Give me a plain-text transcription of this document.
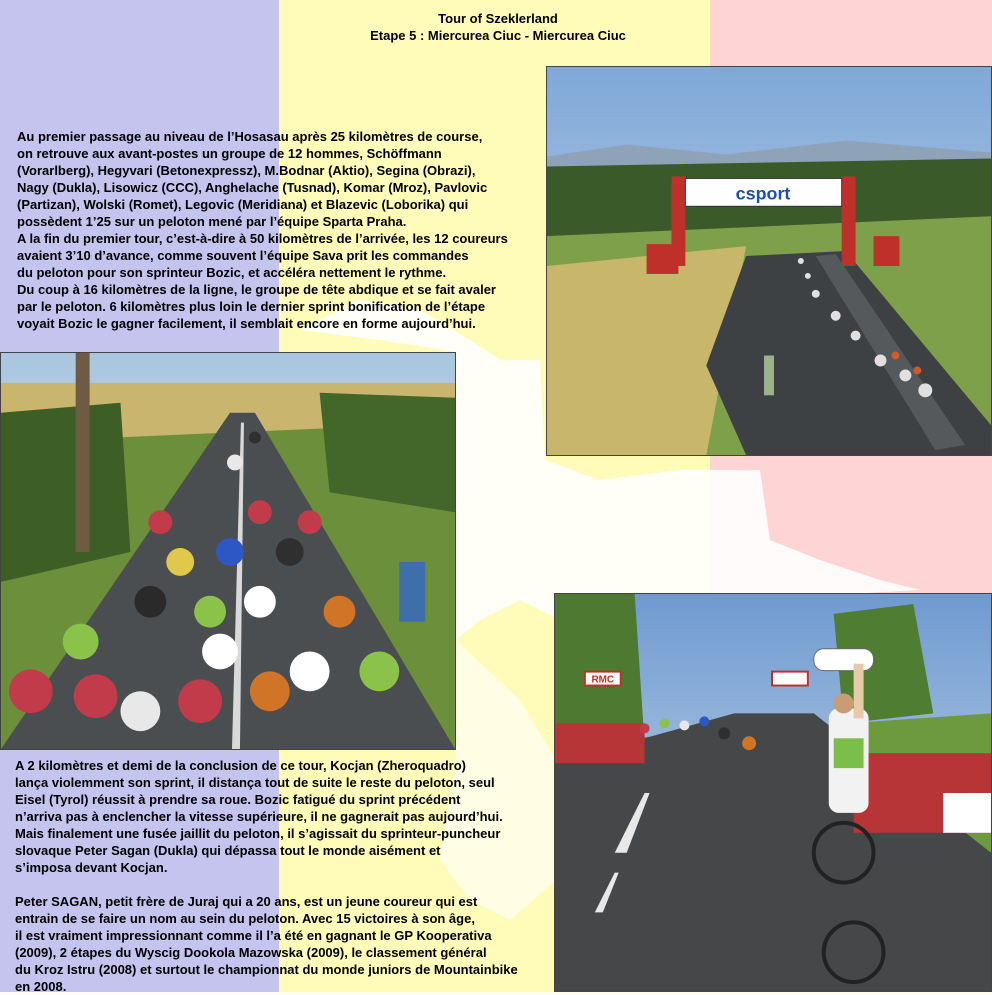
Tour of Szeklerland
Etape 5 : Miercurea Ciuc - Miercurea Ciuc
csport
RMC

Au premier passage au niveau de l’Hosasau après 25 kilomètres de course,

on retrouve aux avant-postes un groupe de 12 hommes, Schöffmann

(Vorarlberg), Hegyvari (Betonexpressz), M.Bodnar (Aktio), Segina (Obrazi),

Nagy (Dukla), Lisowicz (CCC), Anghelache (Tusnad), Komar (Mroz), Pavlovic

(Partizan), Wolski (Romet), Legovic (Meridiana) et Blazevic (Loborika) qui

possèdent 1’25 sur un peloton mené par l’équipe Sparta Praha.

A la fin du premier tour, c’est-à-dire à 50 kilomètres de l’arrivée, les 12 coureurs

avaient 3’10 d’avance, comme souvent l’équipe Sava prit les commandes

du peloton pour son sprinteur Bozic, et accéléra nettement le rythme.

Du coup à 16 kilomètres de la ligne, le groupe de tête abdique et se fait avaler

par le peloton. 6 kilomètres plus loin le dernier sprint bonification de l’étape

voyait Bozic le gagner facilement, il semblait encore en forme aujourd’hui.

A 2 kilomètres et demi de la conclusion de ce tour, Kocjan (Zheroquadro)

lança violemment son sprint, il distança tout de suite le reste du peloton, seul

Eisel (Tyrol) réussit à prendre sa roue. Bozic fatigué du sprint précédent

n’arriva pas à enclencher la vitesse supérieure, il ne gagnerait pas aujourd’hui.

Mais finalement une fusée jaillit du peloton, il s’agissait du sprinteur-puncheur

slovaque Peter Sagan (Dukla) qui dépassa tout le monde aisément et

s’imposa devant Kocjan.

Peter SAGAN, petit frère de Juraj qui a 20 ans, est un jeune coureur qui est

entrain de se faire un nom au sein du peloton. Avec 15 victoires à son âge,

il est vraiment impressionnant comme il l’a été en gagnant le GP Kooperativa

(2009), 2 étapes du Wyscig Dookola Mazowska (2009), le classement général

du Kroz Istru (2008) et surtout le championnat du monde juniors de Mountainbike

en 2008.
